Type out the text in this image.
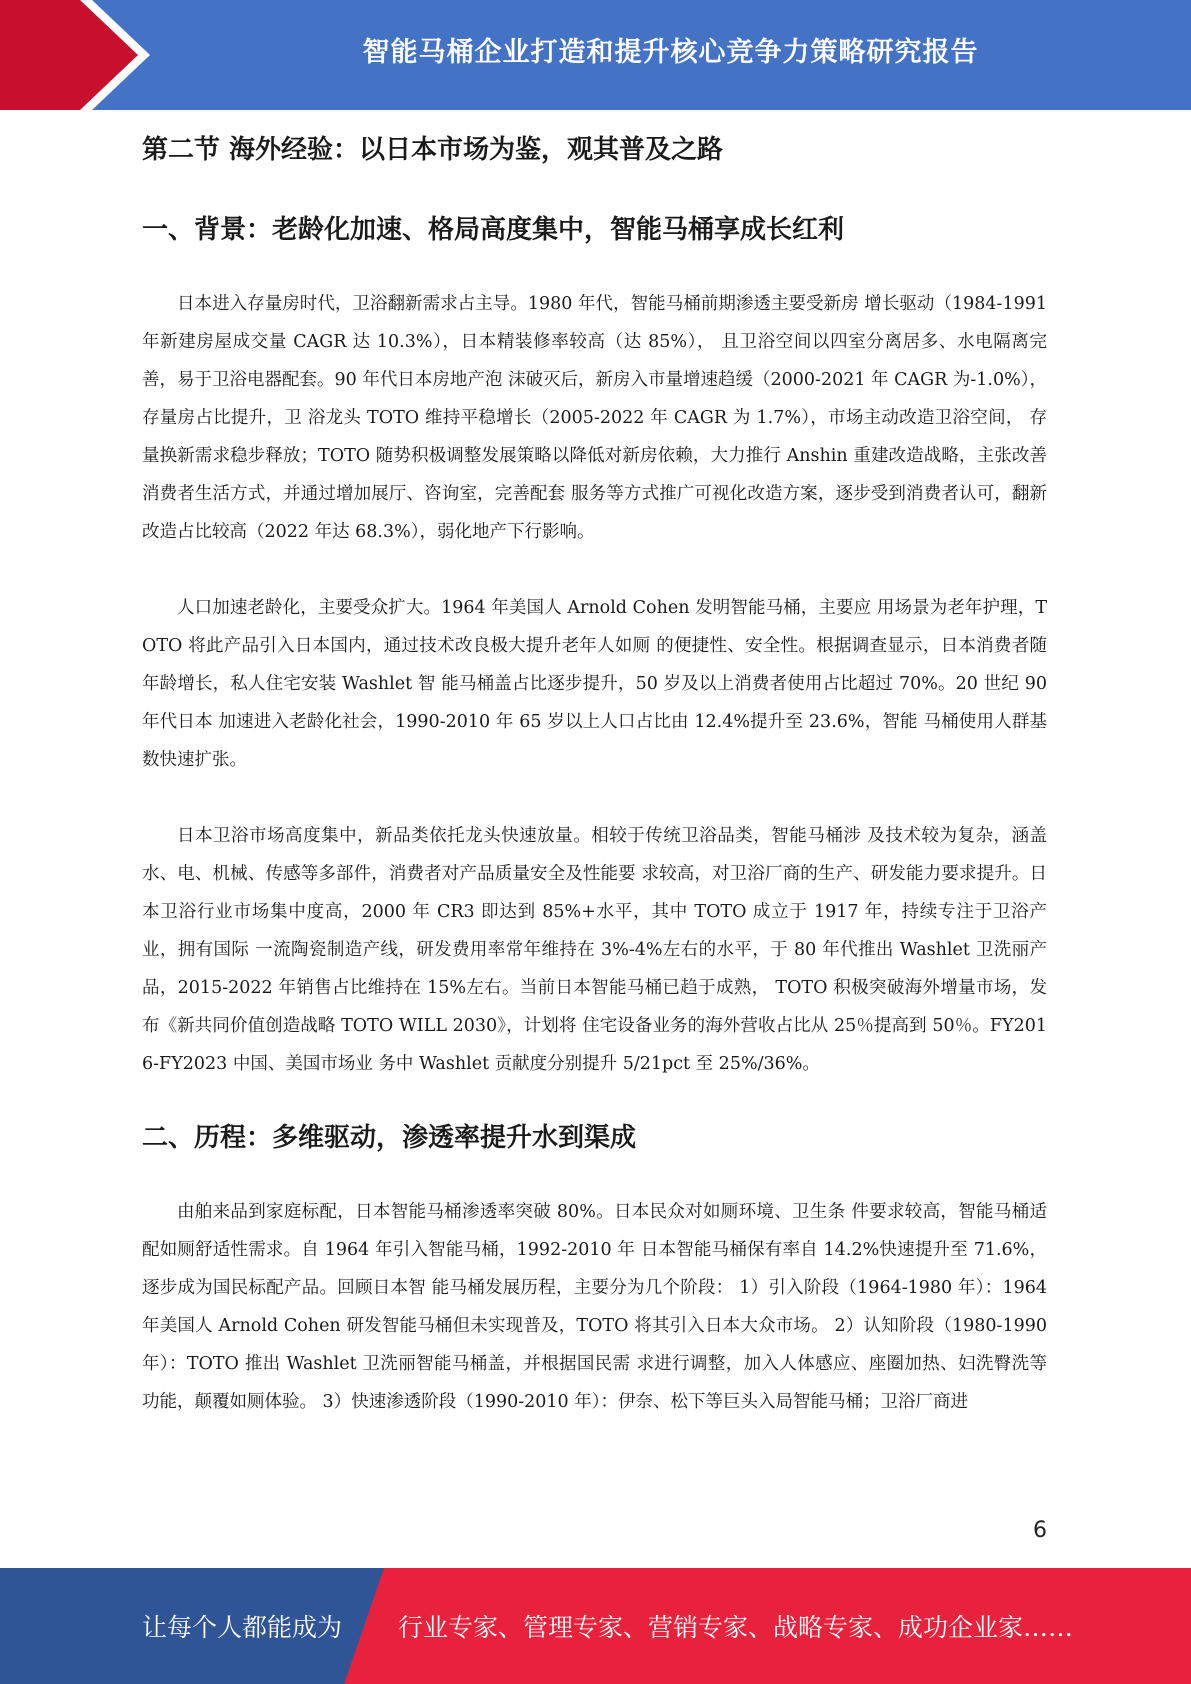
智能马桶企业打造和提升核心竞争力策略研究报告
第二节 海外经验：以日本市场为鉴，观其普及之路
一、背景：老龄化加速、格局高度集中，智能马桶享成长红利

日本进入存量房时代，卫浴翻新需求占主导。1980 年代，智能马桶前期渗透主要受新房 增长驱动（1984-1991 年新建房屋成交量 CAGR 达 10.3%），日本精装修率较高（达 85%）， 且卫浴空间以四室分离居多、水电隔离完善，易于卫浴电器配套。90 年代日本房地产泡 沫破灭后，新房入市量增速趋缓（2000-2021 年 CAGR 为-1.0%），存量房占比提升，卫 浴龙头 TOTO 维持平稳增长（2005-2022 年 CAGR 为 1.7%），市场主动改造卫浴空间， 存量换新需求稳步释放；TOTO 随势积极调整发展策略以降低对新房依赖，大力推行 Anshin 重建改造战略，主张改善消费者生活方式，并通过增加展厅、咨询室，完善配套 服务等方式推广可视化改造方案，逐步受到消费者认可，翻新改造占比较高（2022 年达 68.3%），弱化地产下行影响。

人口加速老龄化，主要受众扩大。1964 年美国人 Arnold Cohen 发明智能马桶，主要应 用场景为老年护理，TOTO 将此产品引入日本国内，通过技术改良极大提升老年人如厕 的便捷性、安全性。根据调查显示，日本消费者随年龄增长，私人住宅安装 Washlet 智 能马桶盖占比逐步提升，50 岁及以上消费者使用占比超过 70%。20 世纪 90 年代日本 加速进入老龄化社会，1990-2010 年 65 岁以上人口占比由 12.4%提升至 23.6%，智能 马桶使用人群基数快速扩张。

日本卫浴市场高度集中，新品类依托龙头快速放量。相较于传统卫浴品类，智能马桶涉 及技术较为复杂，涵盖水、电、机械、传感等多部件，消费者对产品质量安全及性能要 求较高，对卫浴厂商的生产、研发能力要求提升。日本卫浴行业市场集中度高，2000 年 CR3 即达到 85%+水平，其中 TOTO 成立于 1917 年，持续专注于卫浴产业，拥有国际 一流陶瓷制造产线，研发费用率常年维持在 3%-4%左右的水平，于 80 年代推出 Washlet 卫洗丽产品，2015-2022 年销售占比维持在 15%左右。当前日本智能马桶已趋于成熟， TOTO 积极突破海外增量市场，发布《新共同价值创造战略 TOTO WILL 2030》，计划将 住宅设备业务的海外营收占比从 25％提高到 50％。FY2016-FY2023 中国、美国市场业 务中 Washlet 贡献度分别提升 5/21pct 至 25%/36%。

二、历程：多维驱动，渗透率提升水到渠成

由舶来品到家庭标配，日本智能马桶渗透率突破 80%。日本民众对如厕环境、卫生条 件要求较高，智能马桶适配如厕舒适性需求。自 1964 年引入智能马桶，1992-2010 年 日本智能马桶保有率自 14.2%快速提升至 71.6%，逐步成为国民标配产品。回顾日本智 能马桶发展历程，主要分为几个阶段： 1）引入阶段（1964-1980 年）：1964 年美国人 Arnold Cohen 研发智能马桶但未实现普及，TOTO 将其引入日本大众市场。 2）认知阶段（1980-1990 年）：TOTO 推出 Washlet 卫洗丽智能马桶盖，并根据国民需 求进行调整，加入人体感应、座圈加热、妇洗臀洗等功能，颠覆如厕体验。 3）快速渗透阶段（1990-2010 年）：伊奈、松下等巨头入局智能马桶；卫浴厂商进

6
让每个人都能成为 行业专家、管理专家、营销专家、战略专家、成功企业家……
